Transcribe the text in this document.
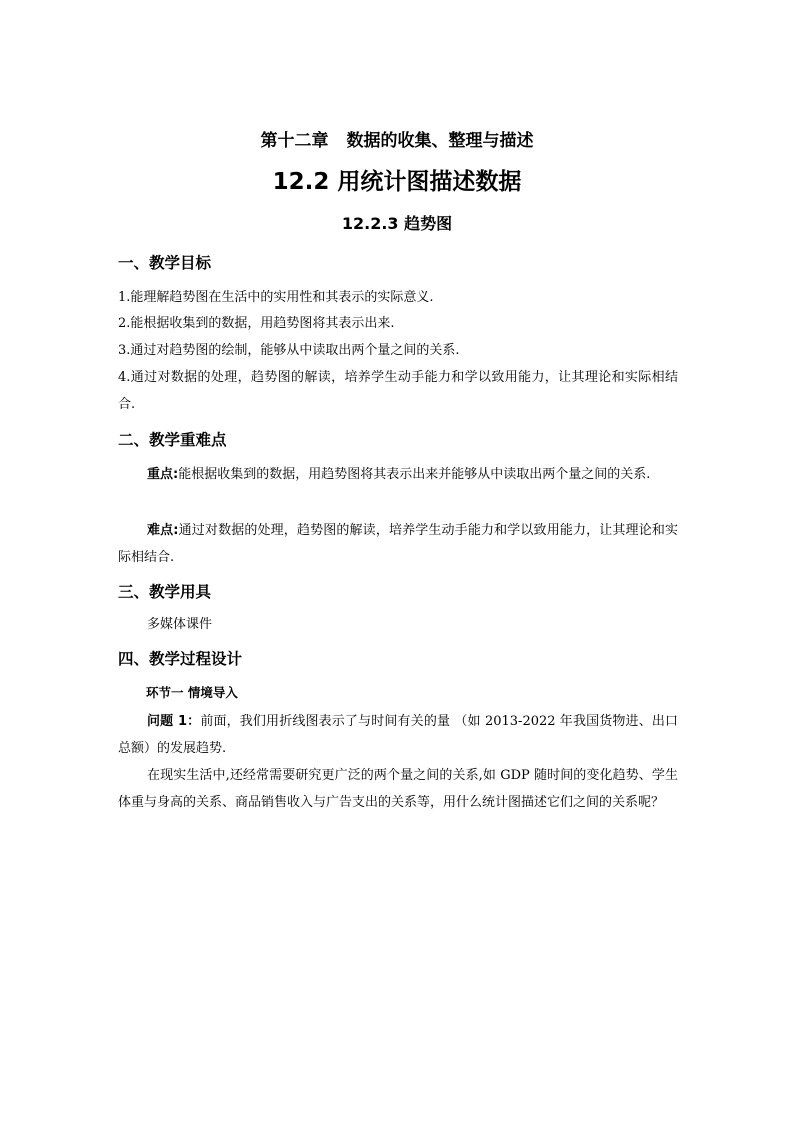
第十二章 数据的收集、整理与描述
12.2 用统计图描述数据
12.2.3 趋势图
一、教学目标
1.能理解趋势图在生活中的实用性和其表示的实际意义.
2.能根据收集到的数据，用趋势图将其表示出来.
3.通过对趋势图的绘制，能够从中读取出两个量之间的关系.
4.通过对数据的处理，趋势图的解读，培养学生动手能力和学以致用能力，让其理论和实际相结合.
二、教学重难点
重点:能根据收集到的数据，用趋势图将其表示出来并能够从中读取出两个量之间的关系.
难点:通过对数据的处理，趋势图的解读，培养学生动手能力和学以致用能力，让其理论和实际相结合.
三、教学用具
多媒体课件
四、教学过程设计
环节一 情境导入
问题 1：前面，我们用折线图表示了与时间有关的量 （如 2013-2022 年我国货物进、出口总额）的发展趋势.
在现实生活中,还经常需要研究更广泛的两个量之间的关系,如 GDP 随时间的变化趋势、学生体重与身高的关系、商品销售收入与广告支出的关系等，用什么统计图描述它们之间的关系呢？
